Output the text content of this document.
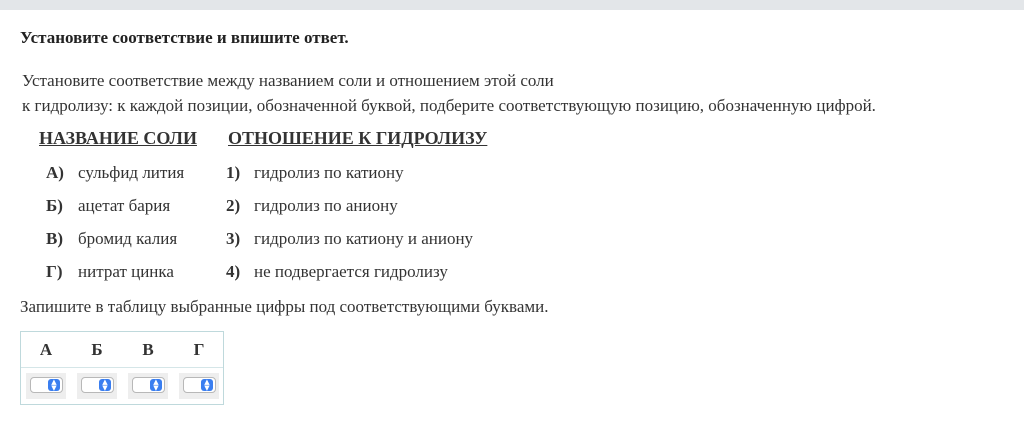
Установите соответствие и впишите ответ.
Установите соответствие между названием соли и отношением этой соли
к гидролизу: к каждой позиции, обозначенной буквой, подберите соответствующую позицию, обозначенную цифрой.
НАЗВАНИЕ СОЛИ ОТНОШЕНИЕ К ГИДРОЛИЗУ
А) сульфид лития
Б) ацетат бария
В) бромид калия
Г) нитрат цинка
1) гидролиз по катиону
2) гидролиз по аниону
3) гидролиз по катиону и аниону
4) не подвергается гидролизу
Запишите в таблицу выбранные цифры под соответствующими буквами.
А	Б	В	Г
▲
▼
▲
▼
▲
▼
▲
▼
